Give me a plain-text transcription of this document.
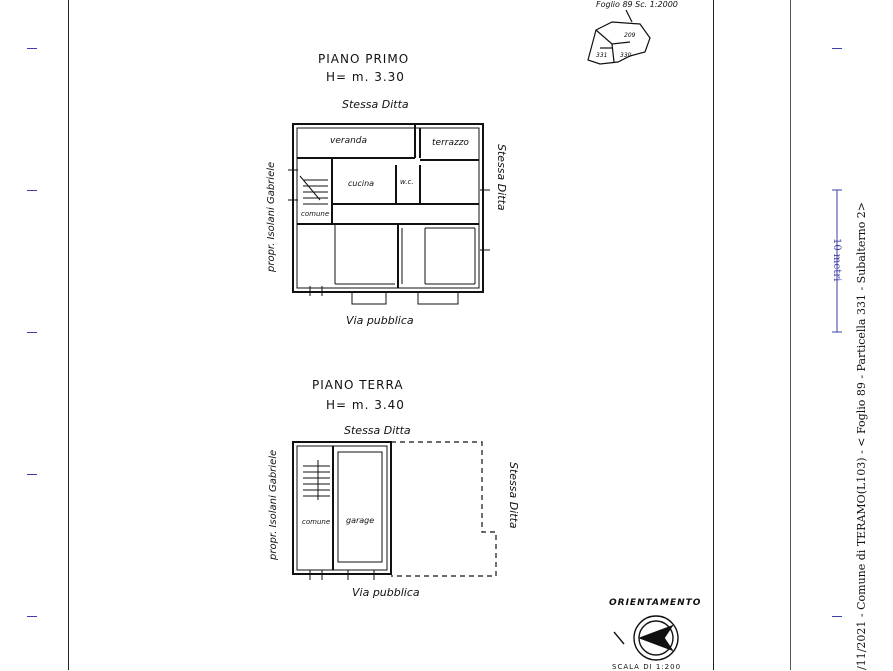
Foglio 89 Sc. 1:2000
209
331 330
PIANO PRIMO
H= m. 3.30
Stessa Ditta
veranda	terrazzo
cucina	w.c.
comune
Via pubblica
propr. Isolani Gabriele	Stessa Ditta
PIANO TERRA
H= m. 3.40
Stessa Ditta
comune garage
Via pubblica
propr. Isolani Gabriele	Stessa Ditta
ORIENTAMENTO
SCALA DI 1:200
10 metri /11/2021 - Comune di TERAMO(L103) - < Foglio 89 - Particella 331 - Subalterno 2>
